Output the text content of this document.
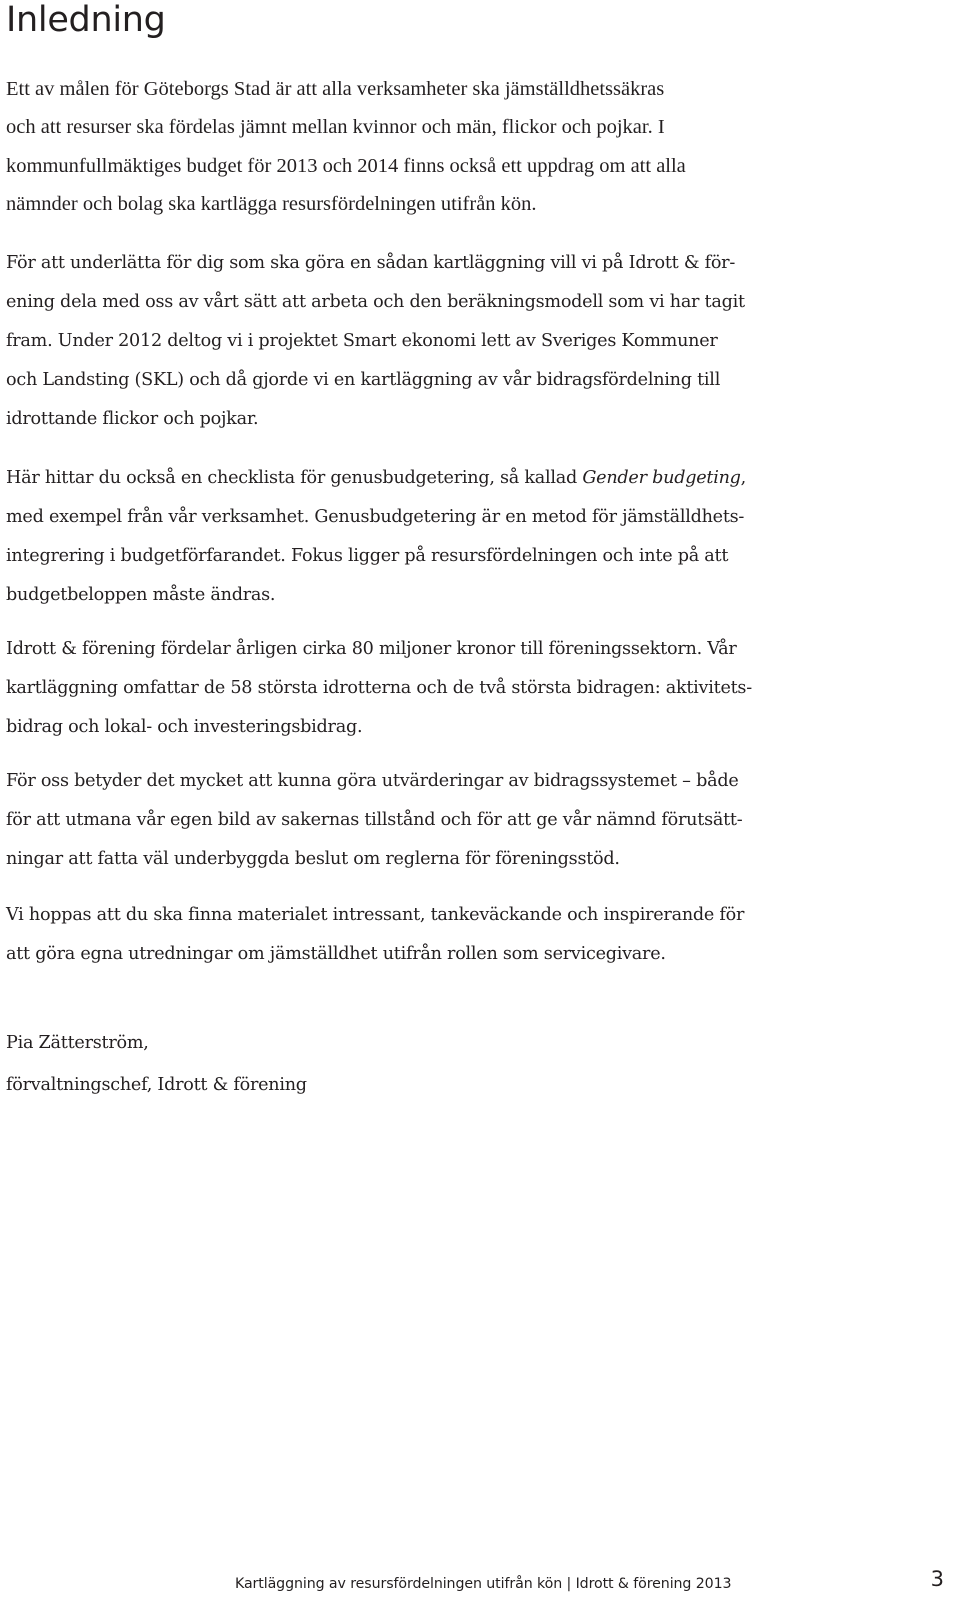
Inledning

Ett av målen för Göteborgs Stad är att alla verksamheter ska jämställdhetssäkras
och att resurser ska fördelas jämnt mellan kvinnor och män, flickor och pojkar. I
kommunfullmäktiges budget för 2013 och 2014 finns också ett uppdrag om att alla
nämnder och bolag ska kartlägga resursfördelningen utifrån kön.

För att underlätta för dig som ska göra en sådan kartläggning vill vi på Idrott & för-
ening dela med oss av vårt sätt att arbeta och den beräkningsmodell som vi har tagit
fram. Under 2012 deltog vi i projektet Smart ekonomi lett av Sveriges Kommuner
och Landsting (SKL) och då gjorde vi en kartläggning av vår bidragsfördelning till
idrottande flickor och pojkar.

Här hittar du också en checklista för genusbudgetering, så kallad Gender budgeting,
med exempel från vår verksamhet. Genusbudgetering är en metod för jämställdhets-
integrering i budgetförfarandet. Fokus ligger på resursfördelningen och inte på att
budgetbeloppen måste ändras.

Idrott & förening fördelar årligen cirka 80 miljoner kronor till föreningssektorn. Vår
kartläggning omfattar de 58 största idrotterna och de två största bidragen: aktivitets-
bidrag och lokal- och investeringsbidrag.

För oss betyder det mycket att kunna göra utvärderingar av bidragssystemet – både
för att utmana vår egen bild av sakernas tillstånd och för att ge vår nämnd förutsätt-
ningar att fatta väl underbyggda beslut om reglerna för föreningsstöd.

Vi hoppas att du ska finna materialet intressant, tankeväckande och inspirerande för
att göra egna utredningar om jämställdhet utifrån rollen som servicegivare.

Pia Zätterström,
förvaltningschef, Idrott & förening

Kartläggning av resursfördelningen utifrån kön | Idrott & förening 2013	3
